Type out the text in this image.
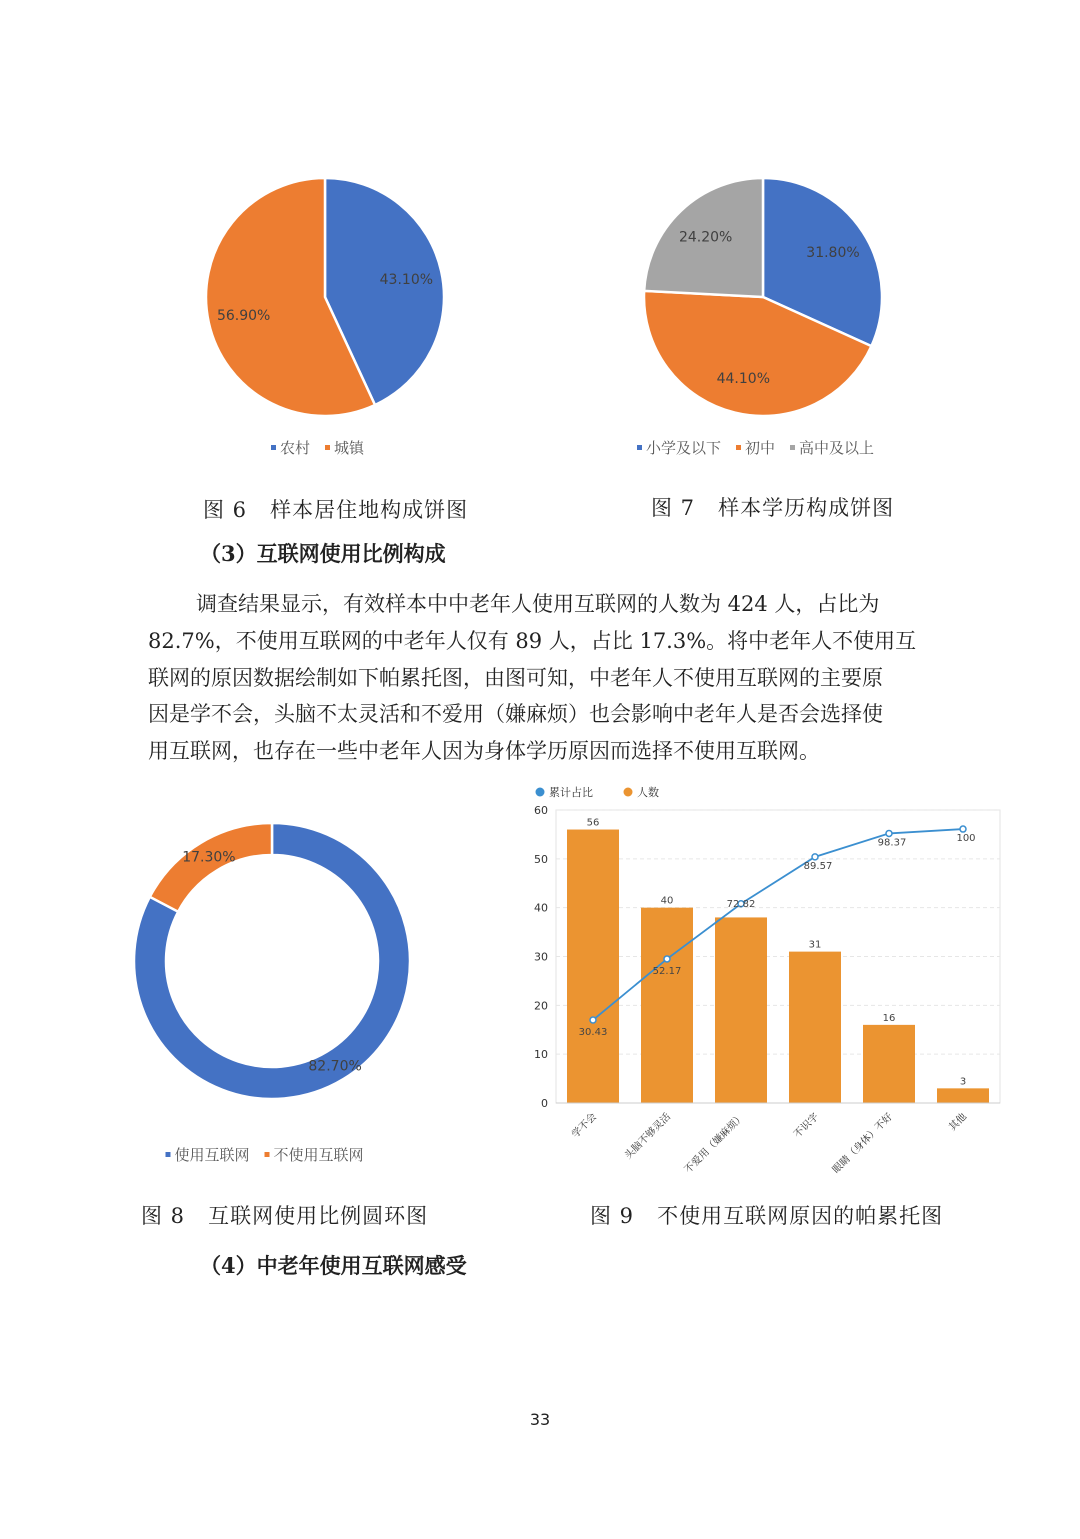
43.10%
56.90%
农村 城镇
31.80%
44.10%
24.20%
小学及以下 初中 高中及以上
图 6 样本居住地构成饼图	图 7 样本学历构成饼图
（3）互联网使用比例构成

调查结果显示，有效样本中中老年人使用互联网的人数为 424 人，占比为

82.7%，不使用互联网的中老年人仅有 89 人，占比 17.3%。将中老年人不使用互

联网的原因数据绘制如下帕累托图，由图可知，中老年人不使用互联网的主要原

因是学不会，头脑不太灵活和不爱用（嫌麻烦）也会影响中老年人是否会选择使

用互联网，也存在一些中老年人因为身体学历原因而选择不使用互联网。

82.70%
17.30%
使用互联网 不使用互联网
累计占比	人数
56
40
31
16
3
30.43
52.17
72.82
89.57
98.37	100
0
10
20
30
40
50
60
学不会 头脑不够灵活 不爱用（嫌麻烦）	不识字 眼睛（身体）不好	其他
图 8 互联网使用比例圆环图	图 9 不使用互联网原因的帕累托图
（4）中老年使用互联网感受
33
